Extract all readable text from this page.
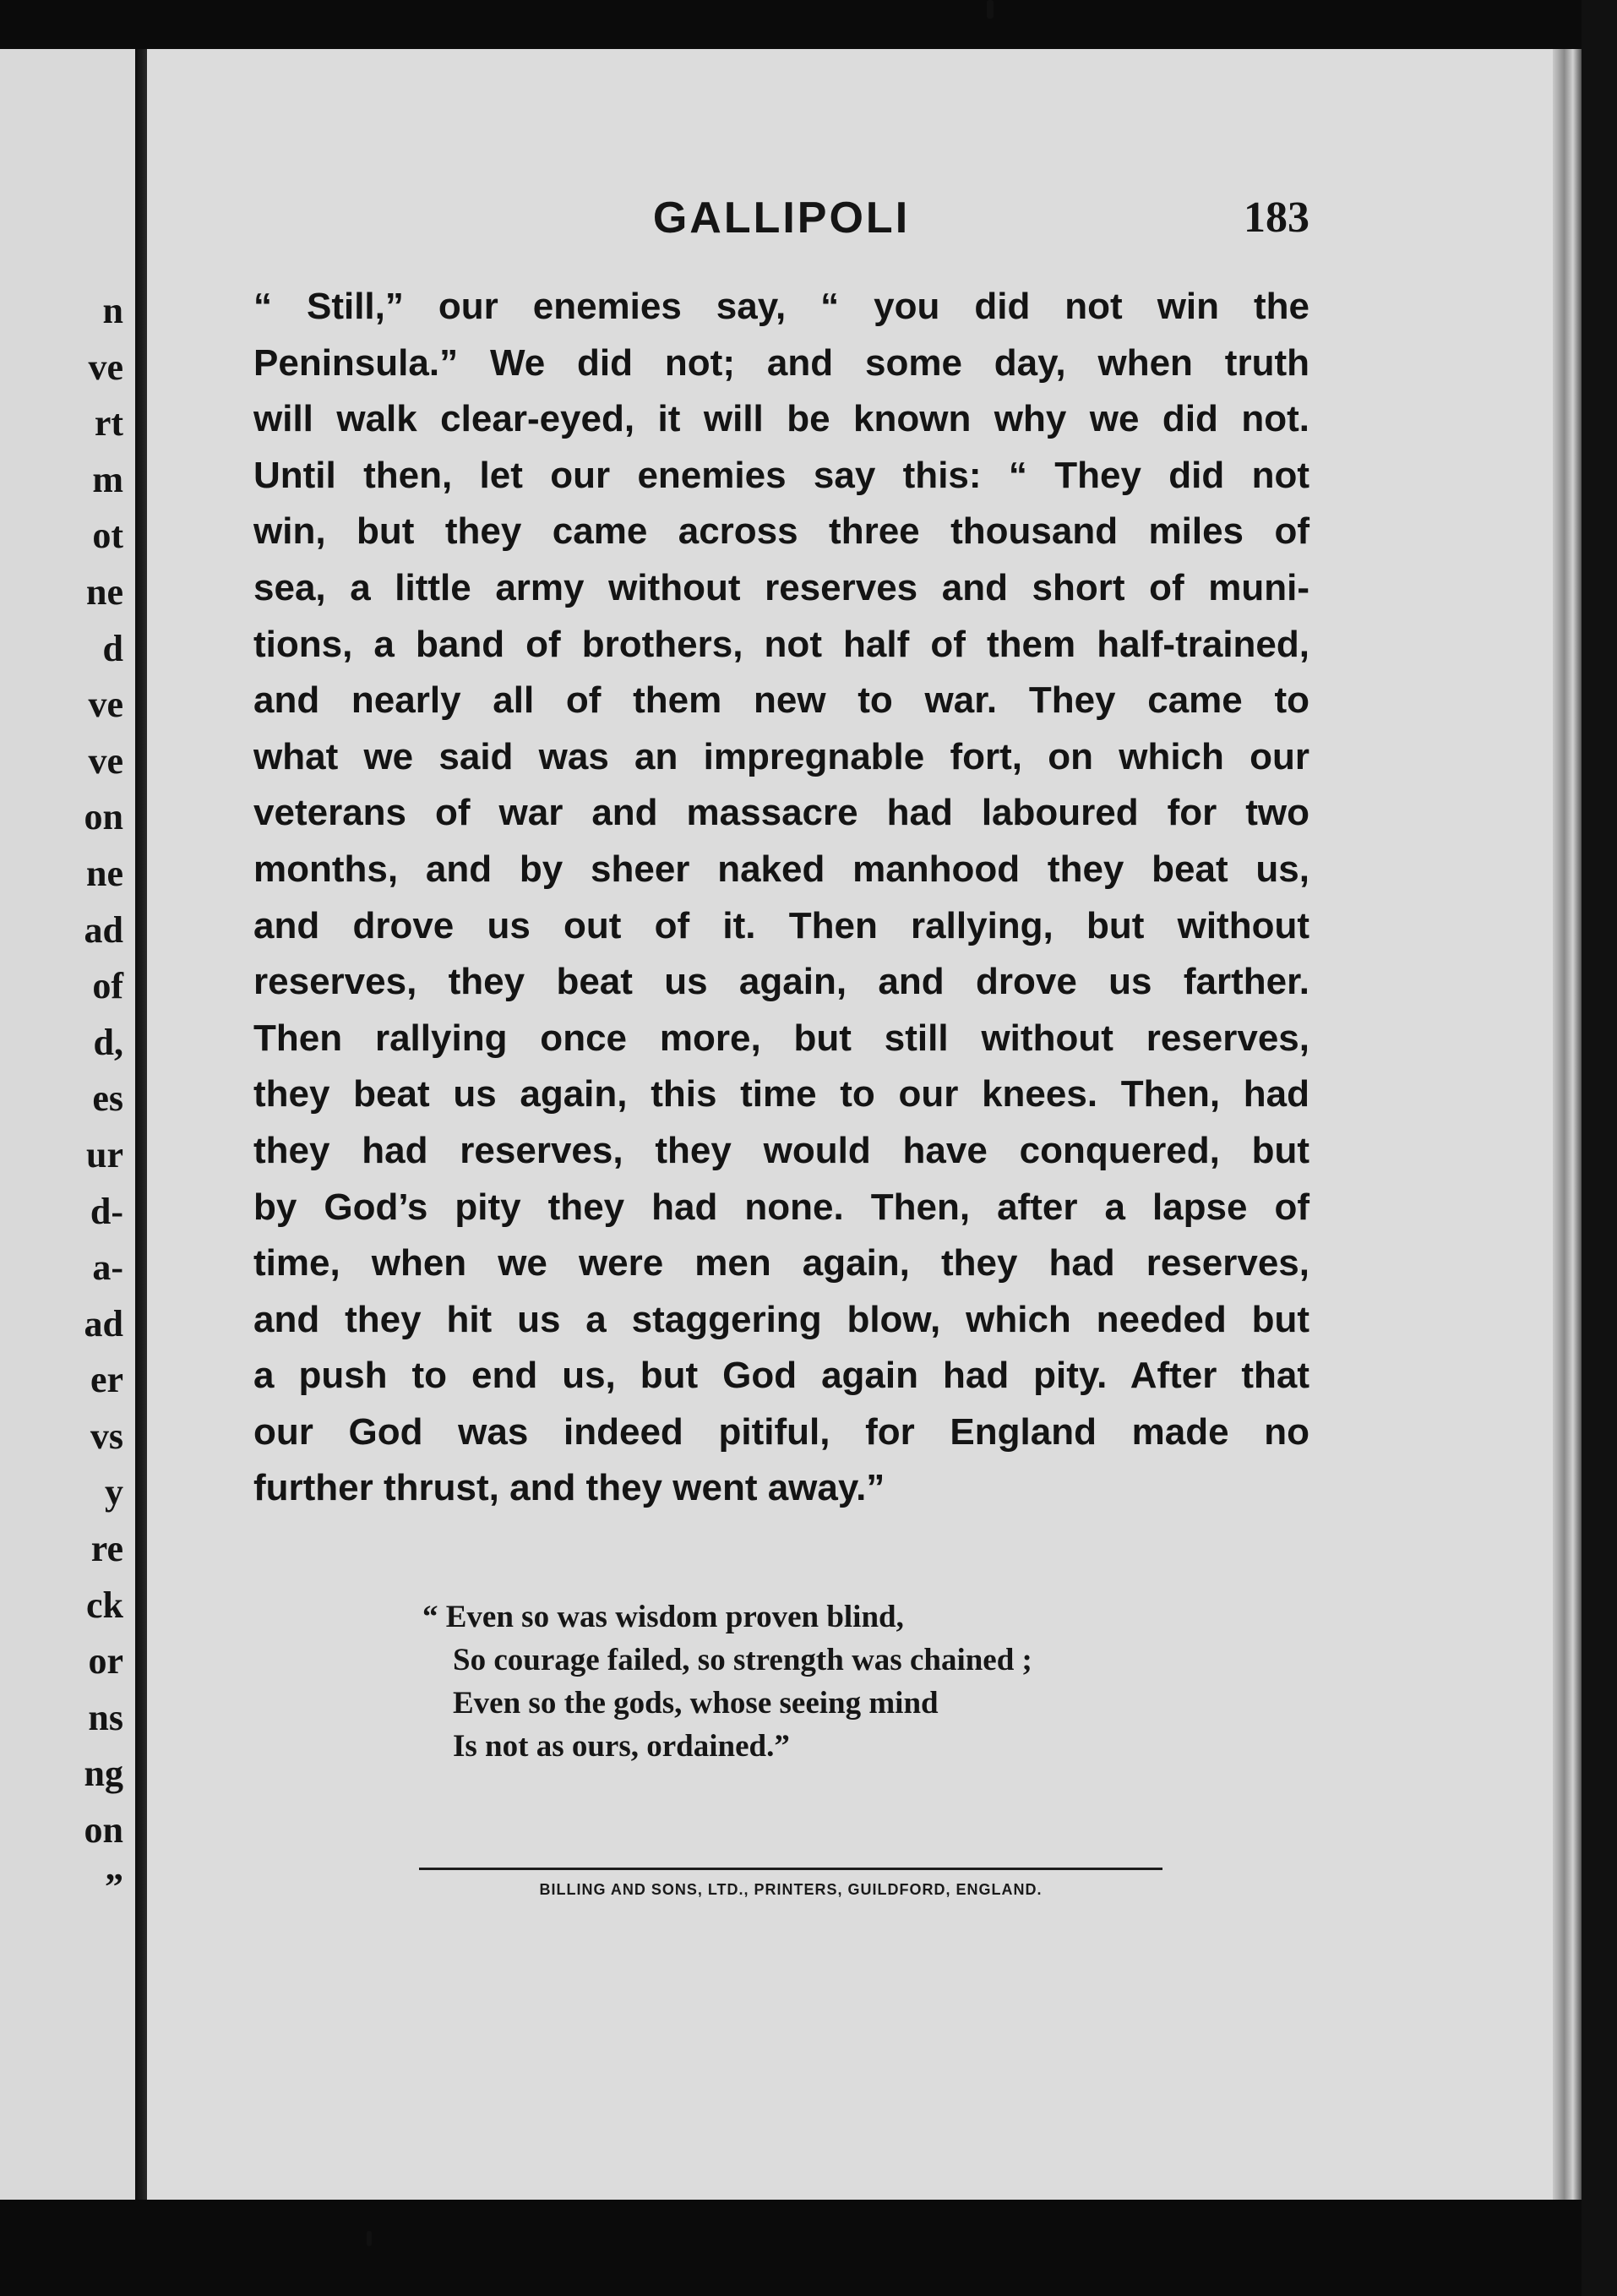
n
ve
rt
m
ot
ne
d
ve
ve
on
ne
ad
of
d,
es
ur
d-
a-
ad
er
vs
y
re
ck
or
ns
ng
on
”
GALLIPOLI	183
“ Still,” our enemies say, “ you did not win the
Peninsula.” We did not; and some day, when truth
will walk clear-eyed, it will be known why we did not.
Until then, let our enemies say this: “ They did not
win, but they came across three thousand miles of
sea, a little army without reserves and short of muni-
tions, a band of brothers, not half of them half-trained,
and nearly all of them new to war. They came to
what we said was an impregnable fort, on which our
veterans of war and massacre had laboured for two
months, and by sheer naked manhood they beat us,
and drove us out of it. Then rallying, but without
reserves, they beat us again, and drove us farther.
Then rallying once more, but still without reserves,
they beat us again, this time to our knees. Then, had
they had reserves, they would have conquered, but
by God’s pity they had none. Then, after a lapse of
time, when we were men again, they had reserves,
and they hit us a staggering blow, which needed but
a push to end us, but God again had pity. After that
our God was indeed pitiful, for England made no
further thrust, and they went away.”
“ Even so was wisdom proven blind,
So courage failed, so strength was chained ;
Even so the gods, whose seeing mind
Is not as ours, ordained.”
BILLING AND SONS, LTD., PRINTERS, GUILDFORD, ENGLAND.
